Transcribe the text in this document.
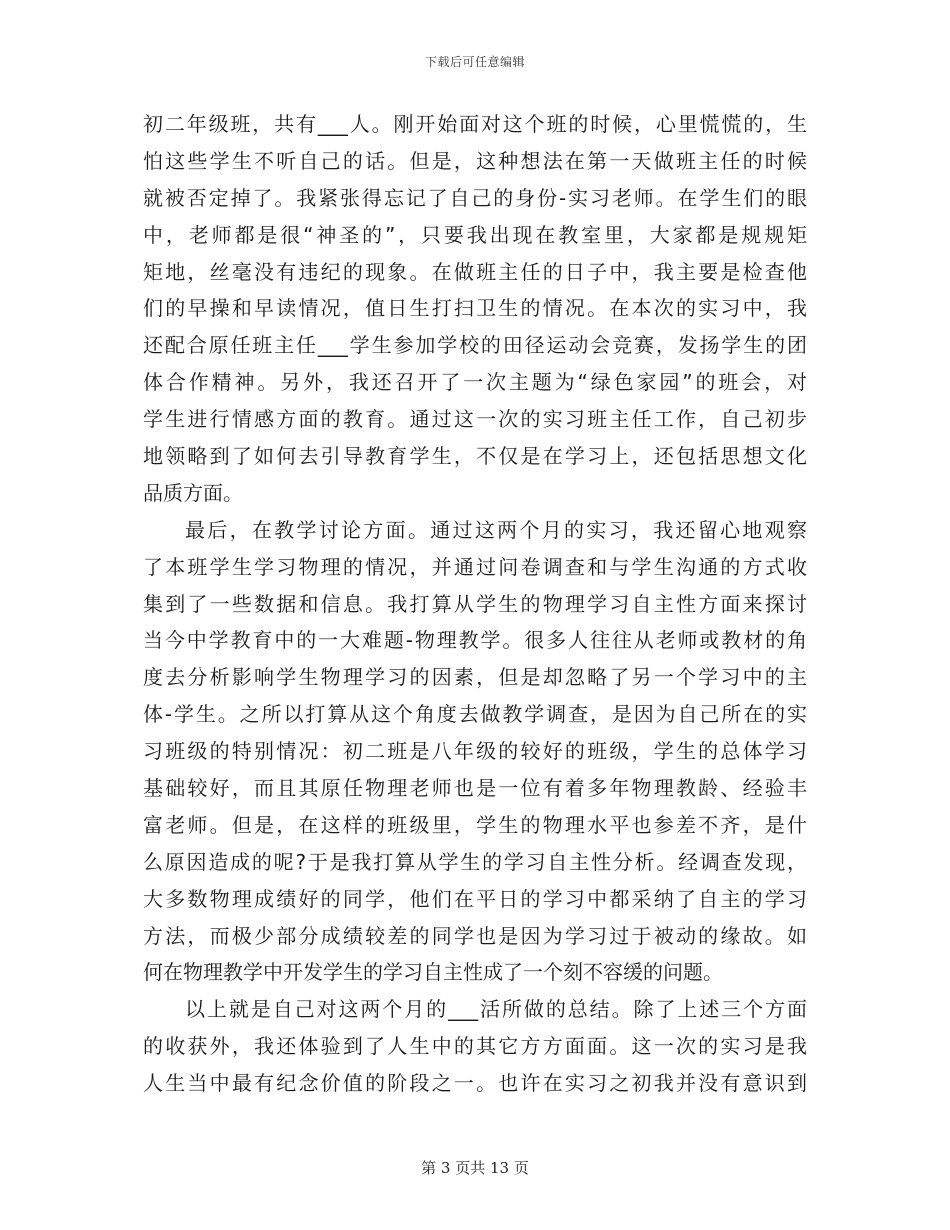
下载后可任意编辑
初二年级班，共有___人。刚开始面对这个班的时候，心里慌慌的，生
怕这些学生不听自己的话。但是，这种想法在第一天做班主任的时候
就被否定掉了。我紧张得忘记了自己的身份-实习老师。在学生们的眼
中，老师都是很“神圣的”，只要我出现在教室里，大家都是规规矩
矩地，丝毫没有违纪的现象。在做班主任的日子中，我主要是检查他
们的早操和早读情况，值日生打扫卫生的情况。在本次的实习中，我
还配合原任班主任___学生参加学校的田径运动会竞赛，发扬学生的团
体合作精神。另外，我还召开了一次主题为“绿色家园”的班会，对
学生进行情感方面的教育。通过这一次的实习班主任工作，自己初步
地领略到了如何去引导教育学生，不仅是在学习上，还包括思想文化
品质方面。
最后，在教学讨论方面。通过这两个月的实习，我还留心地观察
了本班学生学习物理的情况，并通过问卷调查和与学生沟通的方式收
集到了一些数据和信息。我打算从学生的物理学习自主性方面来探讨
当今中学教育中的一大难题-物理教学。很多人往往从老师或教材的角
度去分析影响学生物理学习的因素，但是却忽略了另一个学习中的主
体-学生。之所以打算从这个角度去做教学调查，是因为自己所在的实
习班级的特别情况：初二班是八年级的较好的班级，学生的总体学习
基础较好，而且其原任物理老师也是一位有着多年物理教龄、经验丰
富老师。但是，在这样的班级里，学生的物理水平也参差不齐，是什
么原因造成的呢?于是我打算从学生的学习自主性分析。经调查发现，
大多数物理成绩好的同学，他们在平日的学习中都采纳了自主的学习
方法，而极少部分成绩较差的同学也是因为学习过于被动的缘故。如
何在物理教学中开发学生的学习自主性成了一个刻不容缓的问题。
以上就是自己对这两个月的___活所做的总结。除了上述三个方面
的收获外，我还体验到了人生中的其它方方面面。这一次的实习是我
人生当中最有纪念价值的阶段之一。也许在实习之初我并没有意识到
第 3 页共 13 页
